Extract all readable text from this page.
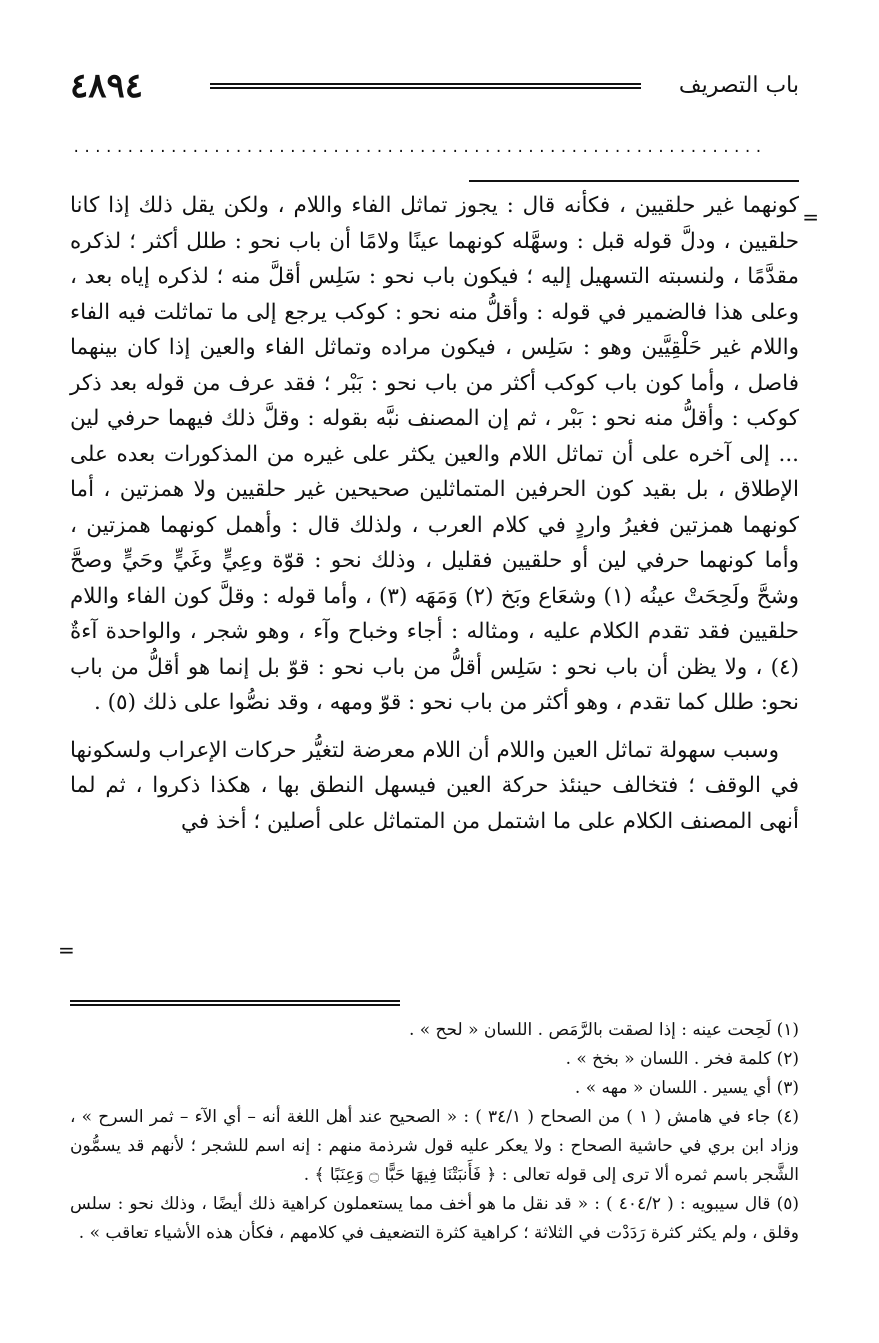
٤٨٩٤	باب التصريف
................................................................
=

كونهما غير حلقيين ، فكأنه قال : يجوز تماثل الفاء واللام ، ولكن يقل ذلك إذا كانا حلقيين ، ودلَّ قوله قبل : وسهَّله كونهما عينًا ولامًا أن باب نحو : طلل أكثر ؛ لذكره مقدَّمًا ، ولنسبته التسهيل إليه ؛ فيكون باب نحو : سَلِس أقلَّ منه ؛ لذكره إياه بعد ، وعلى هذا فالضمير في قوله : وأقلُّ منه نحو : كوكب يرجع إلى ما تماثلت فيه الفاء واللام غير حَلْقِيَّين وهو : سَلِس ، فيكون مراده وتماثل الفاء والعين إذا كان بينهما فاصل ، وأما كون باب كوكب أكثر من باب نحو : بَبْر ؛ فقد عرف من قوله بعد ذكر كوكب : وأقلُّ منه نحو : بَبْر ، ثم إن المصنف نبَّه بقوله : وقلَّ ذلك فيهما حرفي لين ... إلى آخره على أن تماثل اللام والعين يكثر على غيره من المذكورات بعده على الإطلاق ، بل بقيد كون الحرفين المتماثلين صحيحين غير حلقيين ولا همزتين ، أما كونهما همزتين فغيرُ واردٍ في كلام العرب ، ولذلك قال : وأهمل كونهما همزتين ، وأما كونهما حرفي لين أو حلقيين فقليل ، وذلك نحو : قوّة وعِيٍّ وغَيٍّ وحَيٍّ وصحَّ وشحَّ ولَحِحَتْ عينُه (١) وشعَاع وبَخ (٢) وَمَهَه (٣) ، وأما قوله : وقلَّ كون الفاء واللام حلقيين فقد تقدم الكلام عليه ، ومثاله : أجاء وخباح وآء ، وهو شجر ، والواحدة آءةٌ (٤) ، ولا يظن أن باب نحو : سَلِس أقلُّ من باب نحو : قوّ بل إنما هو أقلُّ من باب نحو: طلل كما تقدم ، وهو أكثر من باب نحو : قوّ ومهه ، وقد نصُّوا على ذلك (٥) .

وسبب سهولة تماثل العين واللام أن اللام معرضة لتغيُّر حركات الإعراب ولسكونها في الوقف ؛ فتخالف حينئذ حركة العين فيسهل النطق بها ، هكذا ذكروا ، ثم لما أنهى المصنف الكلام على ما اشتمل من المتماثل على أصلين ؛ أخذ في

=

(١) لَحِحت عينه : إذا لصقت بالرَّمَص . اللسان « لحح » .

(٢) كلمة فخر . اللسان « بخخ » .

(٣) أي يسير . اللسان « مهه » .

(٤) جاء في هامش ( ١ ) من الصحاح ( ٣٤/١ ) : « الصحيح عند أهل اللغة أنه – أي الآء – ثمر السرح » ، وزاد ابن بري في حاشية الصحاح : ولا يعكر عليه قول شرذمة منهم : إنه اسم للشجر ؛ لأنهم قد يسمُّون الشَّجر باسم ثمره ألا ترى إلى قوله تعالى : ﴿ فَأَنبَتْنَا فِيهَا حَبًّا ۝ وَعِنَبًا ﴾ .

(٥) قال سيبويه : ( ٤٠٤/٢ ) : « قد نقل ما هو أخف مما يستعملون كراهية ذلك أيضًا ، وذلك نحو : سلس وقلق ، ولم يكثر كثرة رَدَدْت في الثلاثة ؛ كراهية كثرة التضعيف في كلامهم ، فكأن هذه الأشياء تعاقب » .
